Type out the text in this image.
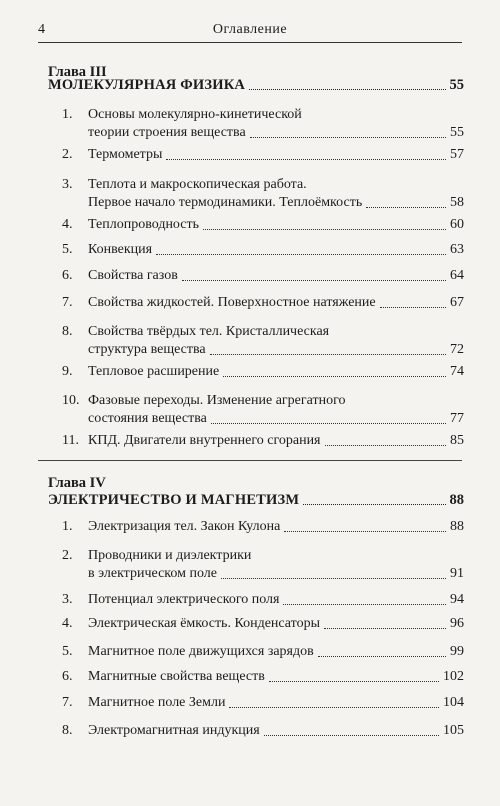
4	Оглавление
Глава III
МОЛЕКУЛЯРНАЯ ФИЗИКА	55
1.	Основы молекулярно-кинетической
теории строения вещества	55
2.	Термометры	57
3.	Теплота и макроскопическая работа.
Первое начало термодинамики. Теплоёмкость	58
4.	Теплопроводность	60
5.	Конвекция	63
6.	Свойства газов	64
7.	Свойства жидкостей. Поверхностное натяжение	67
8.	Свойства твёрдых тел. Кристаллическая
структура вещества	72
9.	Тепловое расширение	74
10. Фазовые переходы. Изменение агрегатного
состояния вещества	77
11. КПД. Двигатели внутреннего сгорания	85
Глава IV
ЭЛЕКТРИЧЕСТВО И МАГНЕТИЗМ	88
1.	Электризация тел. Закон Кулона	88
2.	Проводники и диэлектрики
в электрическом поле	91
3.	Потенциал электрического поля	94
4.	Электрическая ёмкость. Конденсаторы	96
5.	Магнитное поле движущихся зарядов	99
6.	Магнитные свойства веществ	102
7.	Магнитное поле Земли	104
8.	Электромагнитная индукция	105
